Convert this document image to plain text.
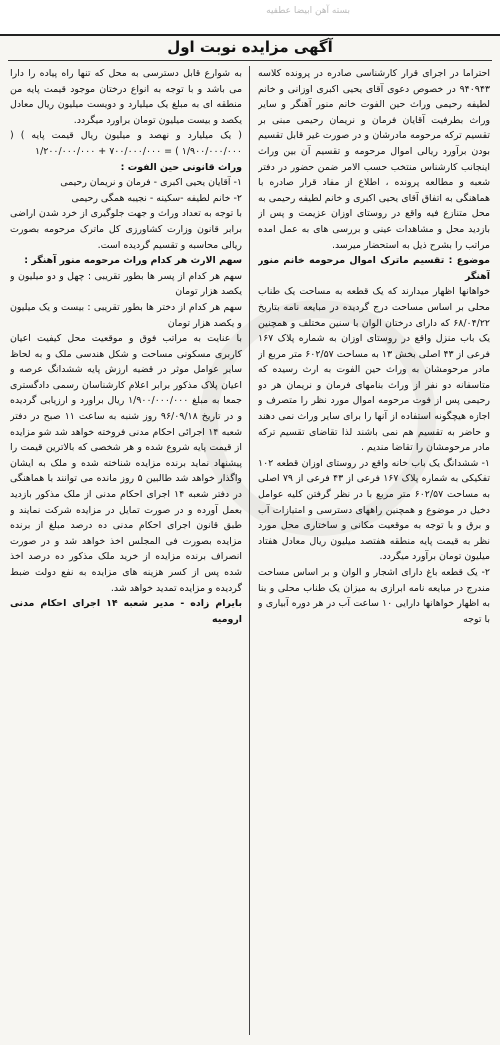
بسته آهن ابیضا عطفیه
آگهی مزایده نوبت اول

احتراما در اجرای قرار کارشناسی صادره در پرونده کلاسه ۹۴۰۹۴۳ در خصوص دعوی آقای یحیی اکبری اوزانی و خانم لطیفه رحیمی وراث حین الفوت خانم منور آهنگر و سایر وراث بطرفیت آقایان فرمان و نریمان رحیمی مبنی بر تقسیم ترکه مرحومه مادرشان و در صورت غیر قابل تقسیم بودن برآورد ریالی اموال مرحومه و تقسیم آن بین وراث اینجانب کارشناس منتخب حسب الامر ضمن حضور در دفتر شعبه و مطالعه پرونده ، اطلاع از مفاد قرار صادره با هماهنگی به اتفاق آقای یحیی اکبری و خانم لطیفه رحیمی به محل متنازع فیه واقع در روستای اوزان عزیمت و پس از بازدید محل و مشاهدات عینی و بررسی های به عمل امده مراتب را بشرح ذیل به استحضار میرسد.

موضوع : تقسیم ماترک اموال مرحومه خانم منور آهنگر

خواهانها اظهار میدارند که یک قطعه به مساحت یک طناب محلی بر اساس مساحت درج گردیده در مبایعه نامه بتاریخ ۶۸/۰۴/۲۲ که دارای درختان الوان با سنین مختلف و همچنین یک باب منزل واقع در روستای اوزان به شماره پلاک ۱۶۷ فرعی از ۴۳ اصلی بخش ۱۳ به مساحت ۶۰۲/۵۷ متر مربع از مادر مرحومشان به وراث حین الفوت به ارث رسیده که متاسفانه دو نفر از وراث بنامهای فرمان و نریمان هر دو رحیمی پس از فوت مرحومه اموال مورد نظر را متصرف و اجازه هیچگونه استفاده از آنها را برای سایر وراث نمی دهند و حاضر به تقسیم هم نمی باشند لذا تقاضای تقسیم ترکه مادر مرحومشان را تقاضا مندیم .

۱- ششدانگ یک باب خانه واقع در روستای اوزان قطعه ۱۰۲ تفکیکی به شماره پلاک ۱۶۷ فرعی از ۴۳ فرعی از ۷۹ اصلی به مساحت ۶۰۲/۵۷ متر مربع با در نظر گرفتن کلیه عوامل دخیل در موضوع و همچنین راههای دسترسی و امتیازات آب و برق و با توجه به موقعیت مکانی و ساختاری محل مورد نظر به قیمت پایه منطقه هفتصد میلیون ریال معادل هفتاد میلیون تومان برآورد میگردد.

۲- یک قطعه باغ دارای اشجار و الوان و بر اساس مساحت مندرج در مبایعه نامه ابرازی به میزان یک طناب محلی و بنا به اظهار خواهانها دارایی ۱۰ ساعت آب در هر دوره آبیاری و با توجه

به شوارع قابل دسترسی به محل که تنها راه پیاده را دارا می باشد و با توجه به انواع درختان موجود قیمت پایه من منطقه ای به مبلغ یک میلیارد و دویست میلیون ریال معادل یکصد و بیست میلیون تومان براورد میگردد.

( یک میلیارد و نهصد و میلیون ریال قیمت پایه ) ( ۱/۹۰۰/۰۰۰/۰۰۰ ) = ۷۰۰/۰۰۰/۰۰۰ + ۱/۲۰۰/۰۰۰/۰۰۰

وراث قانونی حین الفوت :

۱- آقایان یحیی اکبری - فرمان و نریمان رحیمی

۲- خانم لطیفه -سکینه - نجیبه همگی رحیمی

با توجه به تعداد وراث و جهت جلوگیری از خرد شدن اراضی برابر قانون وزارت کشاورزی کل ماترک مرحومه بصورت ریالی محاسبه و تقسیم گردیده است.

سهم الارث هر کدام وراث مرحومه منور آهنگر :

سهم هر کدام از پسر ها بطور تقریبی : چهل و دو میلیون و یکصد هزار تومان

سهم هر کدام از دختر ها بطور تقریبی : بیست و یک میلیون و یکصد هزار تومان

با عنایت به مراتب فوق و موقعیت محل کیفیت اعیان کاربری مسکونی مساحت و شکل هندسی ملک و به لحاظ سایر عوامل موثر در قضیه ارزش پایه ششدانگ عرصه و اعیان پلاک مذکور برابر اعلام کارشناسان رسمی دادگستری جمعا به مبلغ ۱/۹۰۰/۰۰۰/۰۰۰ ریال براورد و ارزیابی گردیده و در تاریخ ۹۶/۰۹/۱۸ روز شنبه به ساعت ۱۱ صبح در دفتر شعبه ۱۴ اجرائی احکام مدنی فروخته خواهد شد شو مزایده از قیمت پایه شروع شده و هر شخصی که بالاترین قیمت را پیشنهاد نماید برنده مزایده شناخته شده و ملک به ایشان واگذار خواهد شد طالبین ۵ روز مانده می توانند با هماهنگی در دفتر شعبه ۱۴ اجرای احکام مدنی از ملک مذکور بازدید بعمل آورده و در صورت تمایل در مزایده شرکت نمایند و طبق قانون اجرای احکام مدنی ده درصد مبلغ از برنده مزایده بصورت فی المجلس اخذ خواهد شد و در صورت انصراف برنده مزایده از خرید ملک مذکور ده درصد اخذ شده پس از کسر هزینه های مزایده به نفع دولت ضبط گردیده و مزایده تمدید خواهد شد.

بایرام زاده - مدیر شعبه ۱۴ اجرای احکام مدنی ارومیه
